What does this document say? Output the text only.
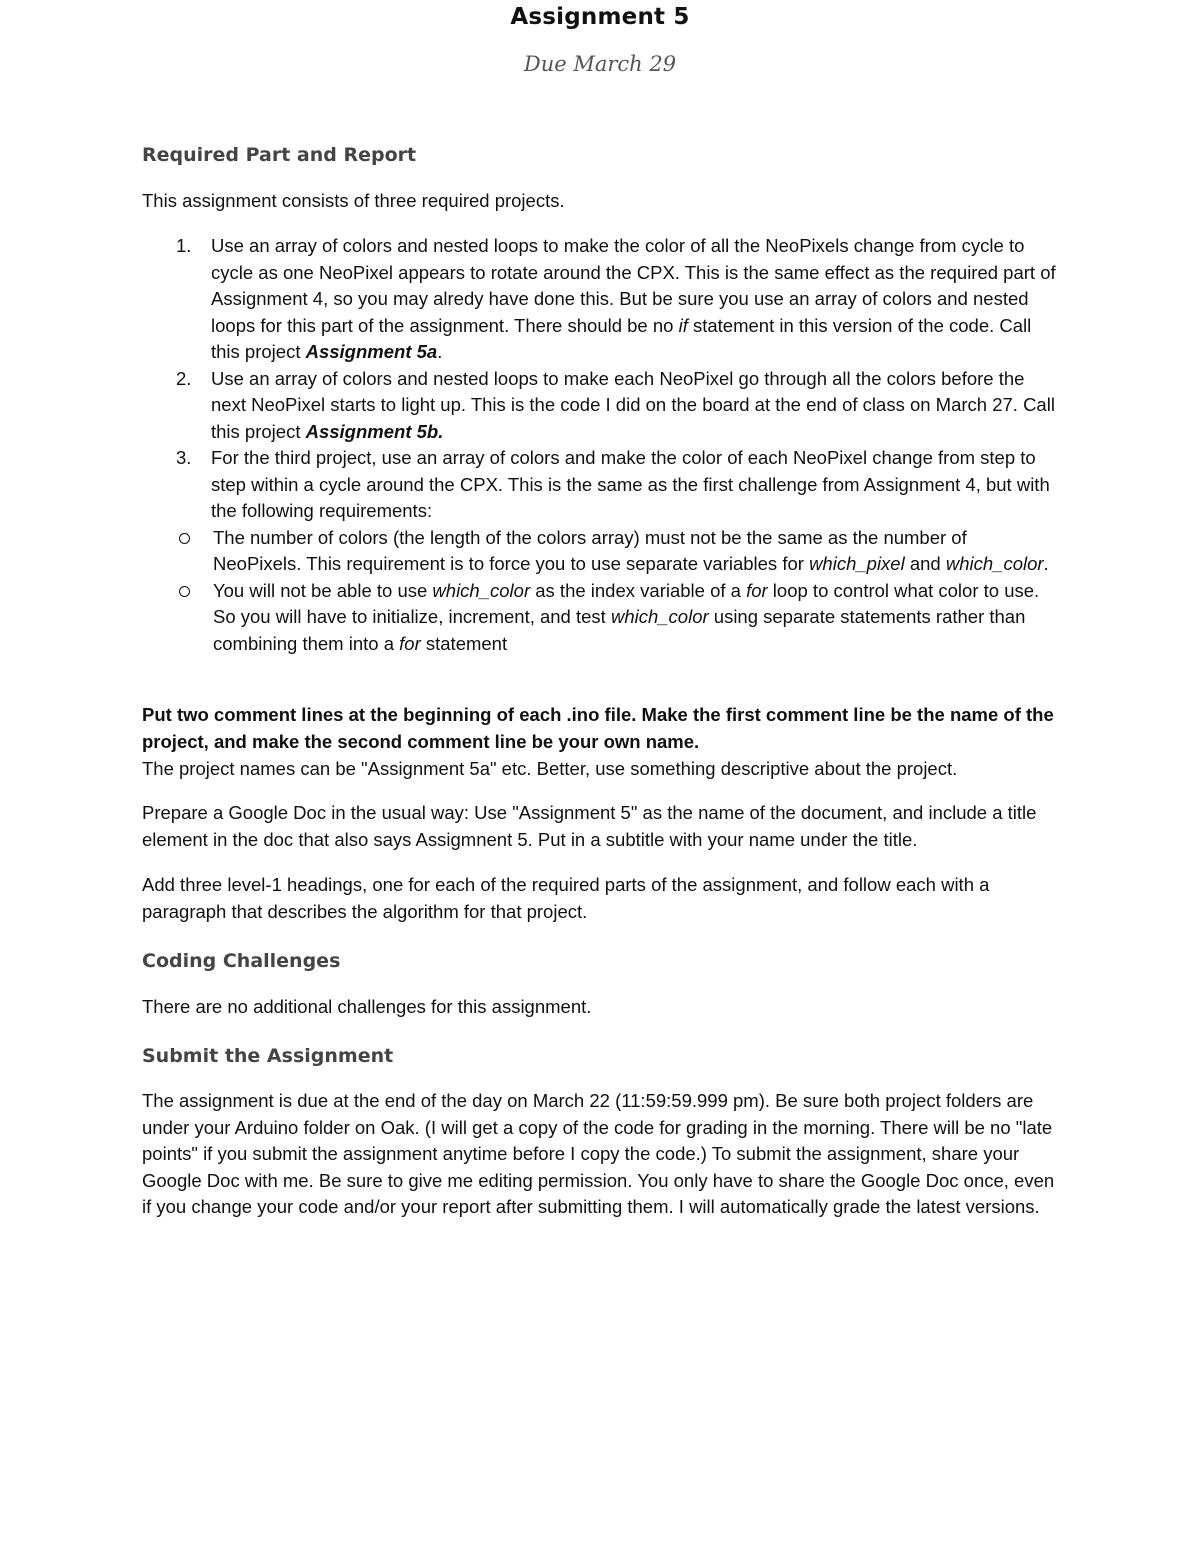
Assignment 5
Due March 29
Required Part and Report
This assignment consists of three required projects.
1. Use an array of colors and nested loops to make the color of all the NeoPixels change from cycle to cycle as one NeoPixel appears to rotate around the CPX. This is the same effect as the required part of Assignment 4, so you may alredy have done this. But be sure you use an array of colors and nested loops for this part of the assignment. There should be no if statement in this version of the code. Call this project Assignment 5a.
2. Use an array of colors and nested loops to make each NeoPixel go through all the colors before the next NeoPixel starts to light up. This is the code I did on the board at the end of class on March 27. Call this project Assignment 5b.
3. For the third project, use an array of colors and make the color of each NeoPixel change from step to step within a cycle around the CPX. This is the same as the first challenge from Assignment 4, but with the following requirements:
The number of colors (the length of the colors array) must not be the same as the number of NeoPixels. This requirement is to force you to use separate variables for which_pixel and which_color.
You will not be able to use which_color as the index variable of a for loop to control what color to use. So you will have to initialize, increment, and test which_color using separate statements rather than combining them into a for statement
Put two comment lines at the beginning of each .ino file. Make the first comment line be the name of the project, and make the second comment line be your own name.
The project names can be "Assignment 5a" etc. Better, use something descriptive about the project.
Prepare a Google Doc in the usual way: Use "Assignment 5" as the name of the document, and include a title element in the doc that also says Assigmnent 5. Put in a subtitle with your name under the title.
Add three level-1 headings, one for each of the required parts of the assignment, and follow each with a paragraph that describes the algorithm for that project.
Coding Challenges
There are no additional challenges for this assignment.
Submit the Assignment
The assignment is due at the end of the day on March 22 (11:59:59.999 pm). Be sure both project folders are under your Arduino folder on Oak. (I will get a copy of the code for grading in the morning. There will be no "late points" if you submit the assignment anytime before I copy the code.) To submit the assignment, share your Google Doc with me. Be sure to give me editing permission. You only have to share the Google Doc once, even if you change your code and/or your report after submitting them. I will automatically grade the latest versions.
